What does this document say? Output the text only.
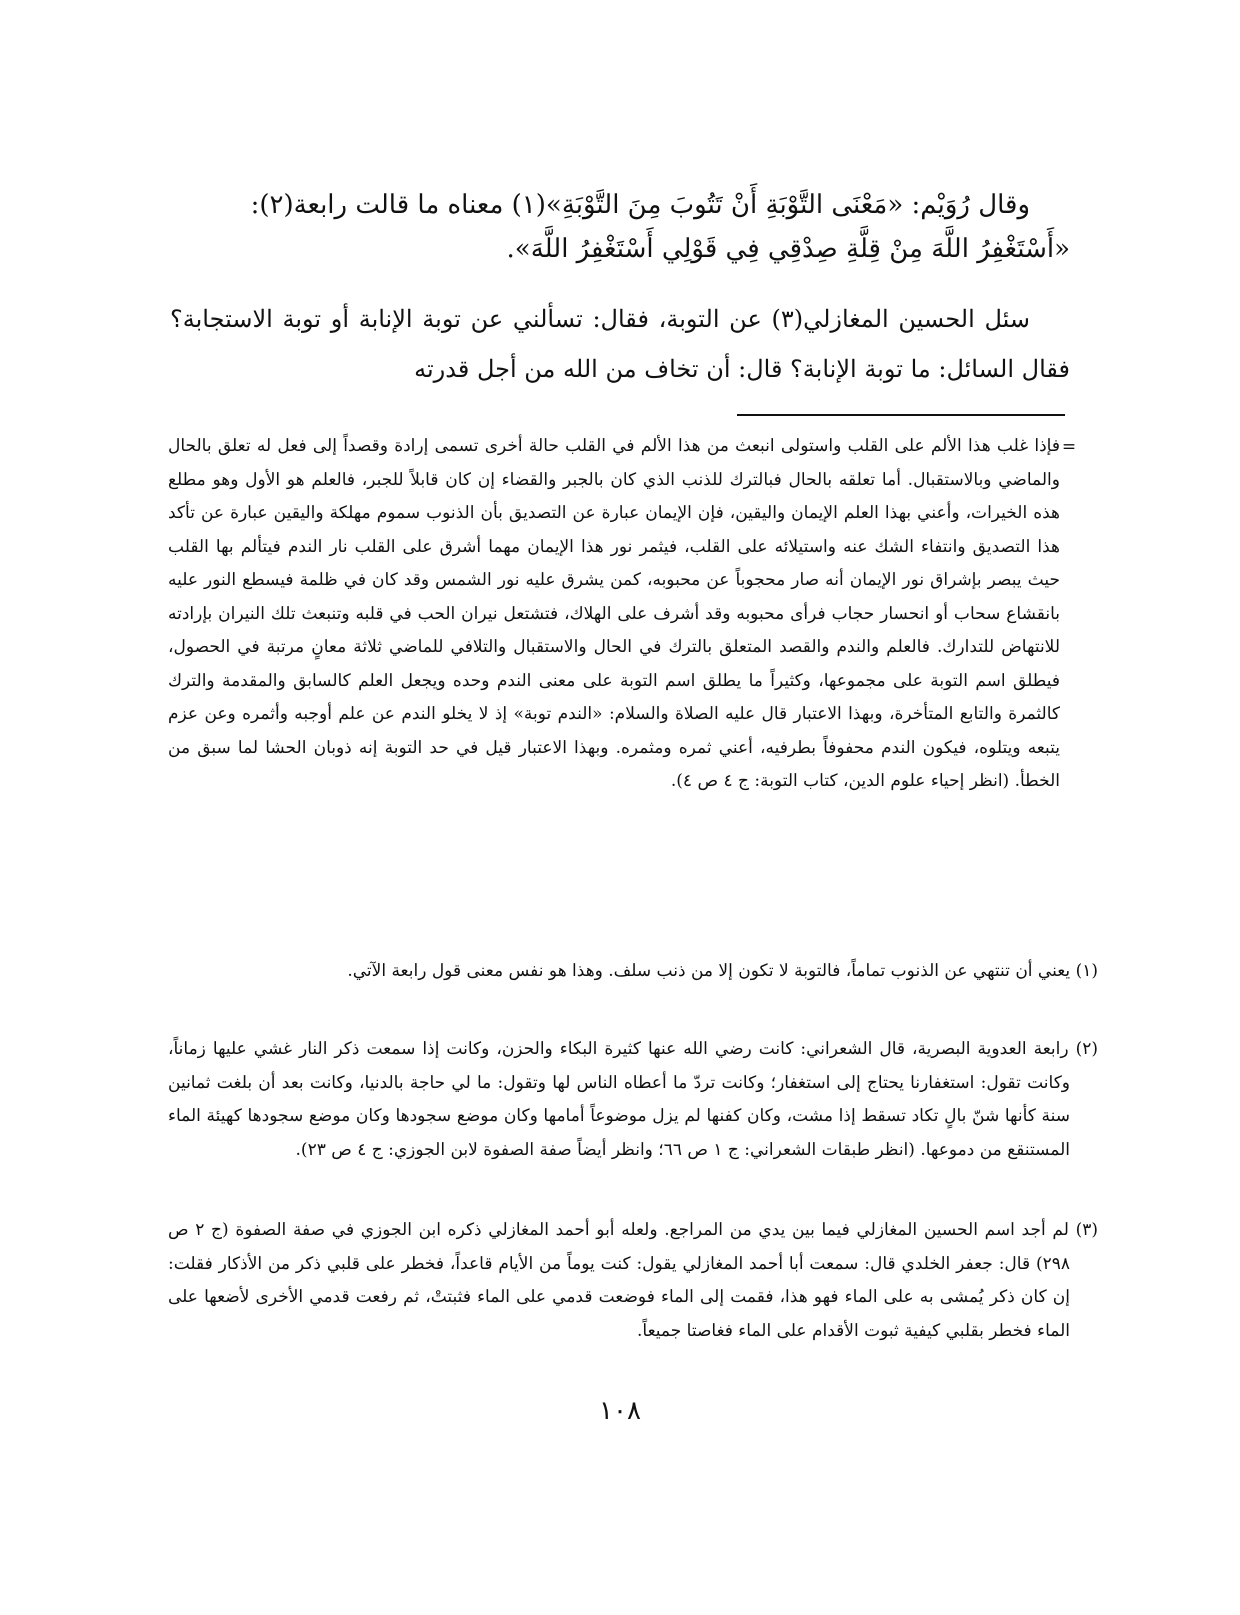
وقال رُوَيْم: «مَعْنَى التَّوْبَةِ أَنْ تَتُوبَ مِنَ التَّوْبَةِ»(١) معناه ما قالت رابعة(٢):
«أَسْتَغْفِرُ اللَّهَ مِنْ قِلَّةِ صِدْقِي فِي قَوْلِي أَسْتَغْفِرُ اللَّهَ».
سئل الحسين المغازلي(٣) عن التوبة، فقال: تسألني عن توبة الإنابة أو توبة الاستجابة؟ فقال السائل: ما توبة الإنابة؟ قال: أن تخاف من الله من أجل قدرته
=
فإذا غلب هذا الألم على القلب واستولى انبعث من هذا الألم في القلب حالة أخرى تسمى إرادة وقصداً إلى فعل له تعلق بالحال والماضي وبالاستقبال. أما تعلقه بالحال فبالترك للذنب الذي كان بالجبر والقضاء إن كان قابلاً للجبر، فالعلم هو الأول وهو مطلع هذه الخيرات، وأعني بهذا العلم الإيمان واليقين، فإن الإيمان عبارة عن التصديق بأن الذنوب سموم مهلكة واليقين عبارة عن تأكد هذا التصديق وانتفاء الشك عنه واستيلائه على القلب، فيثمر نور هذا الإيمان مهما أشرق على القلب نار الندم فيتألم بها القلب حيث يبصر بإشراق نور الإيمان أنه صار محجوباً عن محبوبه، كمن يشرق عليه نور الشمس وقد كان في ظلمة فيسطع النور عليه بانقشاع سحاب أو انحسار حجاب فرأى محبوبه وقد أشرف على الهلاك، فتشتعل نيران الحب في قلبه وتنبعث تلك النيران بإرادته للانتهاض للتدارك. فالعلم والندم والقصد المتعلق بالترك في الحال والاستقبال والتلافي للماضي ثلاثة معانٍ مرتبة في الحصول، فيطلق اسم التوبة على مجموعها، وكثيراً ما يطلق اسم التوبة على معنى الندم وحده ويجعل العلم كالسابق والمقدمة والترك كالثمرة والتابع المتأخرة، وبهذا الاعتبار قال عليه الصلاة والسلام: «الندم توبة» إذ لا يخلو الندم عن علم أوجبه وأثمره وعن عزم يتبعه ويتلوه، فيكون الندم محفوفاً بطرفيه، أعني ثمره ومثمره. وبهذا الاعتبار قيل في حد التوبة إنه ذوبان الحشا لما سبق من الخطأ. (انظر إحياء علوم الدين، كتاب التوبة: ج ٤ ص ٤).
(١) يعني أن تنتهي عن الذنوب تماماً، فالتوبة لا تكون إلا من ذنب سلف. وهذا هو نفس معنى قول رابعة الآتي.
(٢) رابعة العدوية البصرية، قال الشعراني: كانت رضي الله عنها كثيرة البكاء والحزن، وكانت إذا سمعت ذكر النار غشي عليها زماناً، وكانت تقول: استغفارنا يحتاج إلى استغفار؛ وكانت تردّ ما أعطاه الناس لها وتقول: ما لي حاجة بالدنيا، وكانت بعد أن بلغت ثمانين سنة كأنها شنّ بالٍ تكاد تسقط إذا مشت، وكان كفنها لم يزل موضوعاً أمامها وكان موضع سجودها وكان موضع سجودها كهيئة الماء المستنقع من دموعها. (انظر طبقات الشعراني: ج ١ ص ٦٦؛ وانظر أيضاً صفة الصفوة لابن الجوزي: ج ٤ ص ٢٣).
(٣) لم أجد اسم الحسين المغازلي فيما بين يدي من المراجع. ولعله أبو أحمد المغازلي ذكره ابن الجوزي في صفة الصفوة (ج ٢ ص ٢٩٨) قال: جعفر الخلدي قال: سمعت أبا أحمد المغازلي يقول: كنت يوماً من الأيام قاعداً، فخطر على قلبي ذكر من الأذكار فقلت: إن كان ذكر يُمشى به على الماء فهو هذا، فقمت إلى الماء فوضعت قدمي على الماء فثبتتْ، ثم رفعت قدمي الأخرى لأضعها على الماء فخطر بقلبي كيفية ثبوت الأقدام على الماء فغاصتا جميعاً.
١٠٨
